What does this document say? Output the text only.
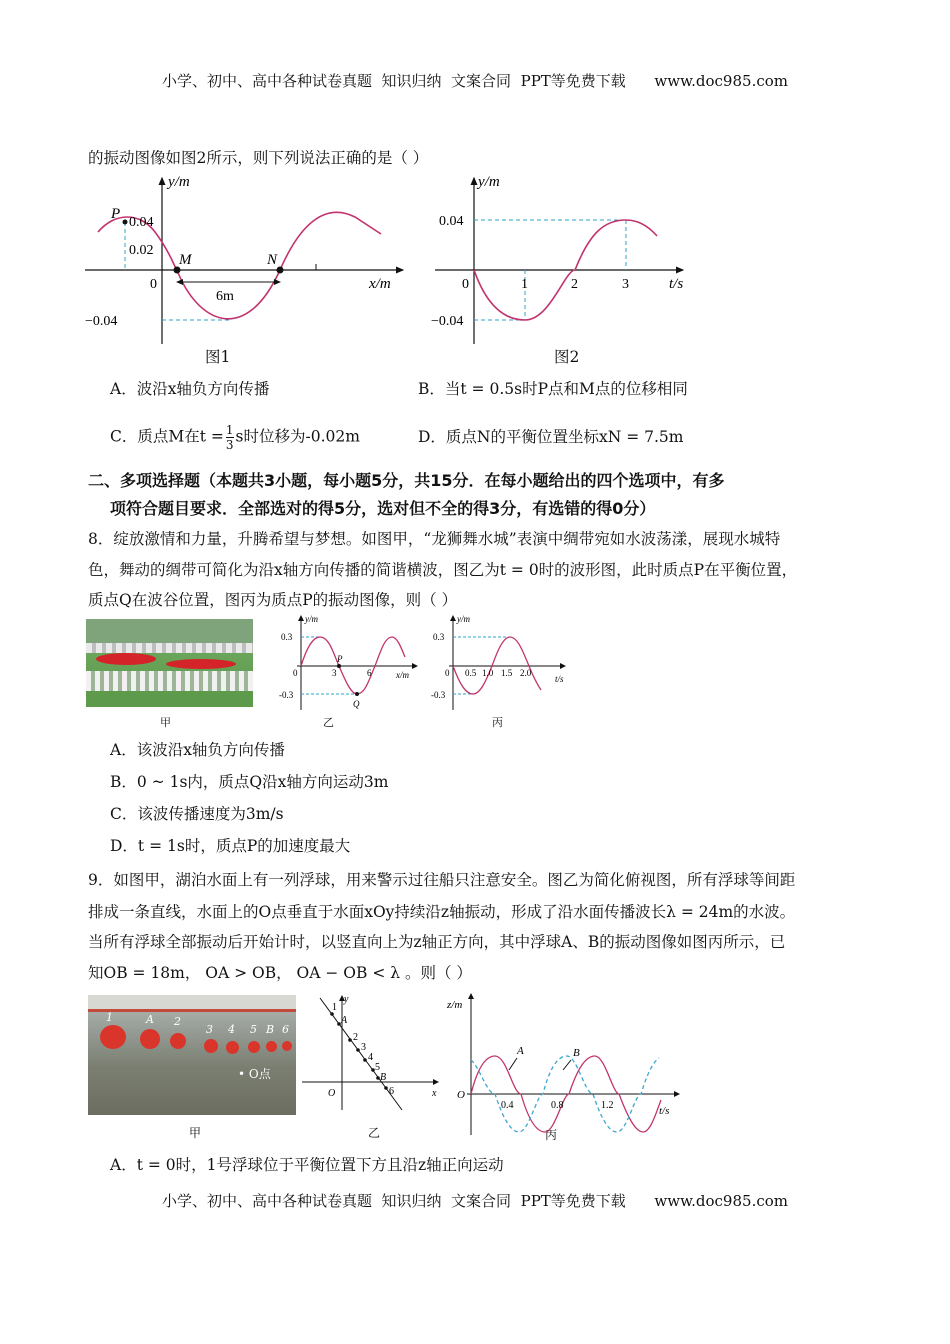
小学、初中、高中各种试卷真题  知识归纳  文案合同  PPT等免费下载      www.doc985.com
的振动图像如图2所示，则下列说法正确的是（ ）
y/m
x/m
0
0.04
0.02
−0.04
P
M	N
6m
图1
y/m
t/s
0
0.04
−0.04
1	2	3
图2
A．波沿x轴负方向传播	B．当t = 0.5s时P点和M点的位移相同
C．质点M在$t = \frac{1}{3}$ s时位移为-0.02m	D．质点N的平衡位置坐标xN = 7.5m
二、多项选择题（本题共3小题，每小题5分，共15分．在每小题给出的四个选项中，有多
项符合题目要求．全部选对的得5分，选对但不全的得3分，有选错的得0分）
8．绽放激情和力量，升腾希望与梦想。如图甲，“龙狮舞水城”表演中绸带宛如水波荡漾，展现水城特
色，舞动的绸带可简化为沿x轴方向传播的简谐横波，图乙为t = 0时的波形图，此时质点P在平衡位置，
质点Q在波谷位置，图丙为质点P的振动图像，则（ ）
甲
y/m
x/m
0
0.3
-0.3
3	6
P
Q
乙
y/m
t/s
0
0.3
-0.3
0.5 1.0 1.5 2.0
丙
A．该波沿x轴负方向传播
B．0 ~ 1s内，质点Q沿x轴方向运动3m
C．该波传播速度为3m/s
D．t = 1s时，质点P的加速度最大
9．如图甲，湖泊水面上有一列浮球，用来警示过往船只注意安全。图乙为简化俯视图，所有浮球等间距
排成一条直线，水面上的O点垂直于水面xOy持续沿z轴振动，形成了沿水面传播波长λ = 24m的水波。
当所有浮球全部振动后开始计时，以竖直向上为z轴正方向，其中浮球A、B的振动图像如图丙所示，已
知OB = 18m， OA > OB， OA − OB < λ 。则（ ）
1	A 2
3 4 5 B 6
• O点
甲
y
x
O
1
A
2
3
4
5
B
6
乙
z/m
t/s
O
0.4	0.8	1.2
A	B
丙
A．t = 0时，1号浮球位于平衡位置下方且沿z轴正向运动
小学、初中、高中各种试卷真题  知识归纳  文案合同  PPT等免费下载      www.doc985.com
